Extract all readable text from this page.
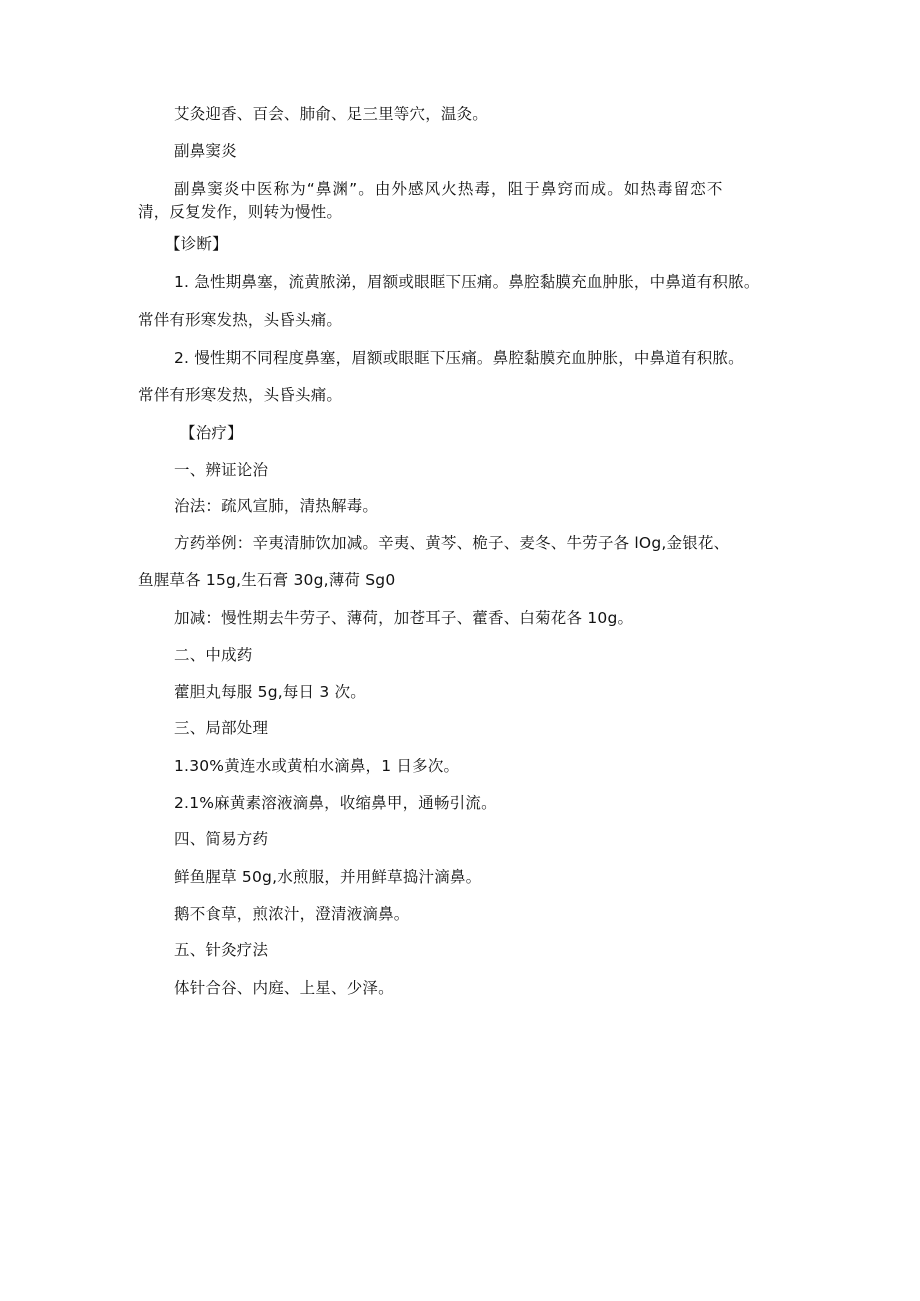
艾灸迎香、百会、肺俞、足三里等穴，温灸。
副鼻窦炎
副鼻窦炎中医称为“鼻渊”。由外感风火热毒，阻于鼻窍而成。如热毒留恋不
清，反复发作，则转为慢性。
【诊断】
1. 急性期鼻塞，流黄脓涕，眉额或眼眶下压痛。鼻腔黏膜充血肿胀，中鼻道有积脓。
常伴有形寒发热，头昏头痛。
2. 慢性期不同程度鼻塞，眉额或眼眶下压痛。鼻腔黏膜充血肿胀，中鼻道有积脓。
常伴有形寒发热，头昏头痛。
【治疗】
一、辨证论治
治法：疏风宣肺，清热解毒。
方药举例：辛夷清肺饮加减。辛夷、黄芩、桅子、麦冬、牛劳子各 lOg,金银花、
鱼腥草各 15g,生石膏 30g,薄荷 Sg0
加减：慢性期去牛劳子、薄荷，加苍耳子、藿香、白菊花各 10g。
二、中成药
藿胆丸每服 5g,每日 3 次。
三、局部处理
1.30%黄连水或黄柏水滴鼻，1 日多次。
2.1%麻黄素溶液滴鼻，收缩鼻甲，通畅引流。
四、简易方药
鲜鱼腥草 50g,水煎服，并用鲜草捣汁滴鼻。
鹅不食草，煎浓汁，澄清液滴鼻。
五、针灸疗法
体针合谷、内庭、上星、少泽。
